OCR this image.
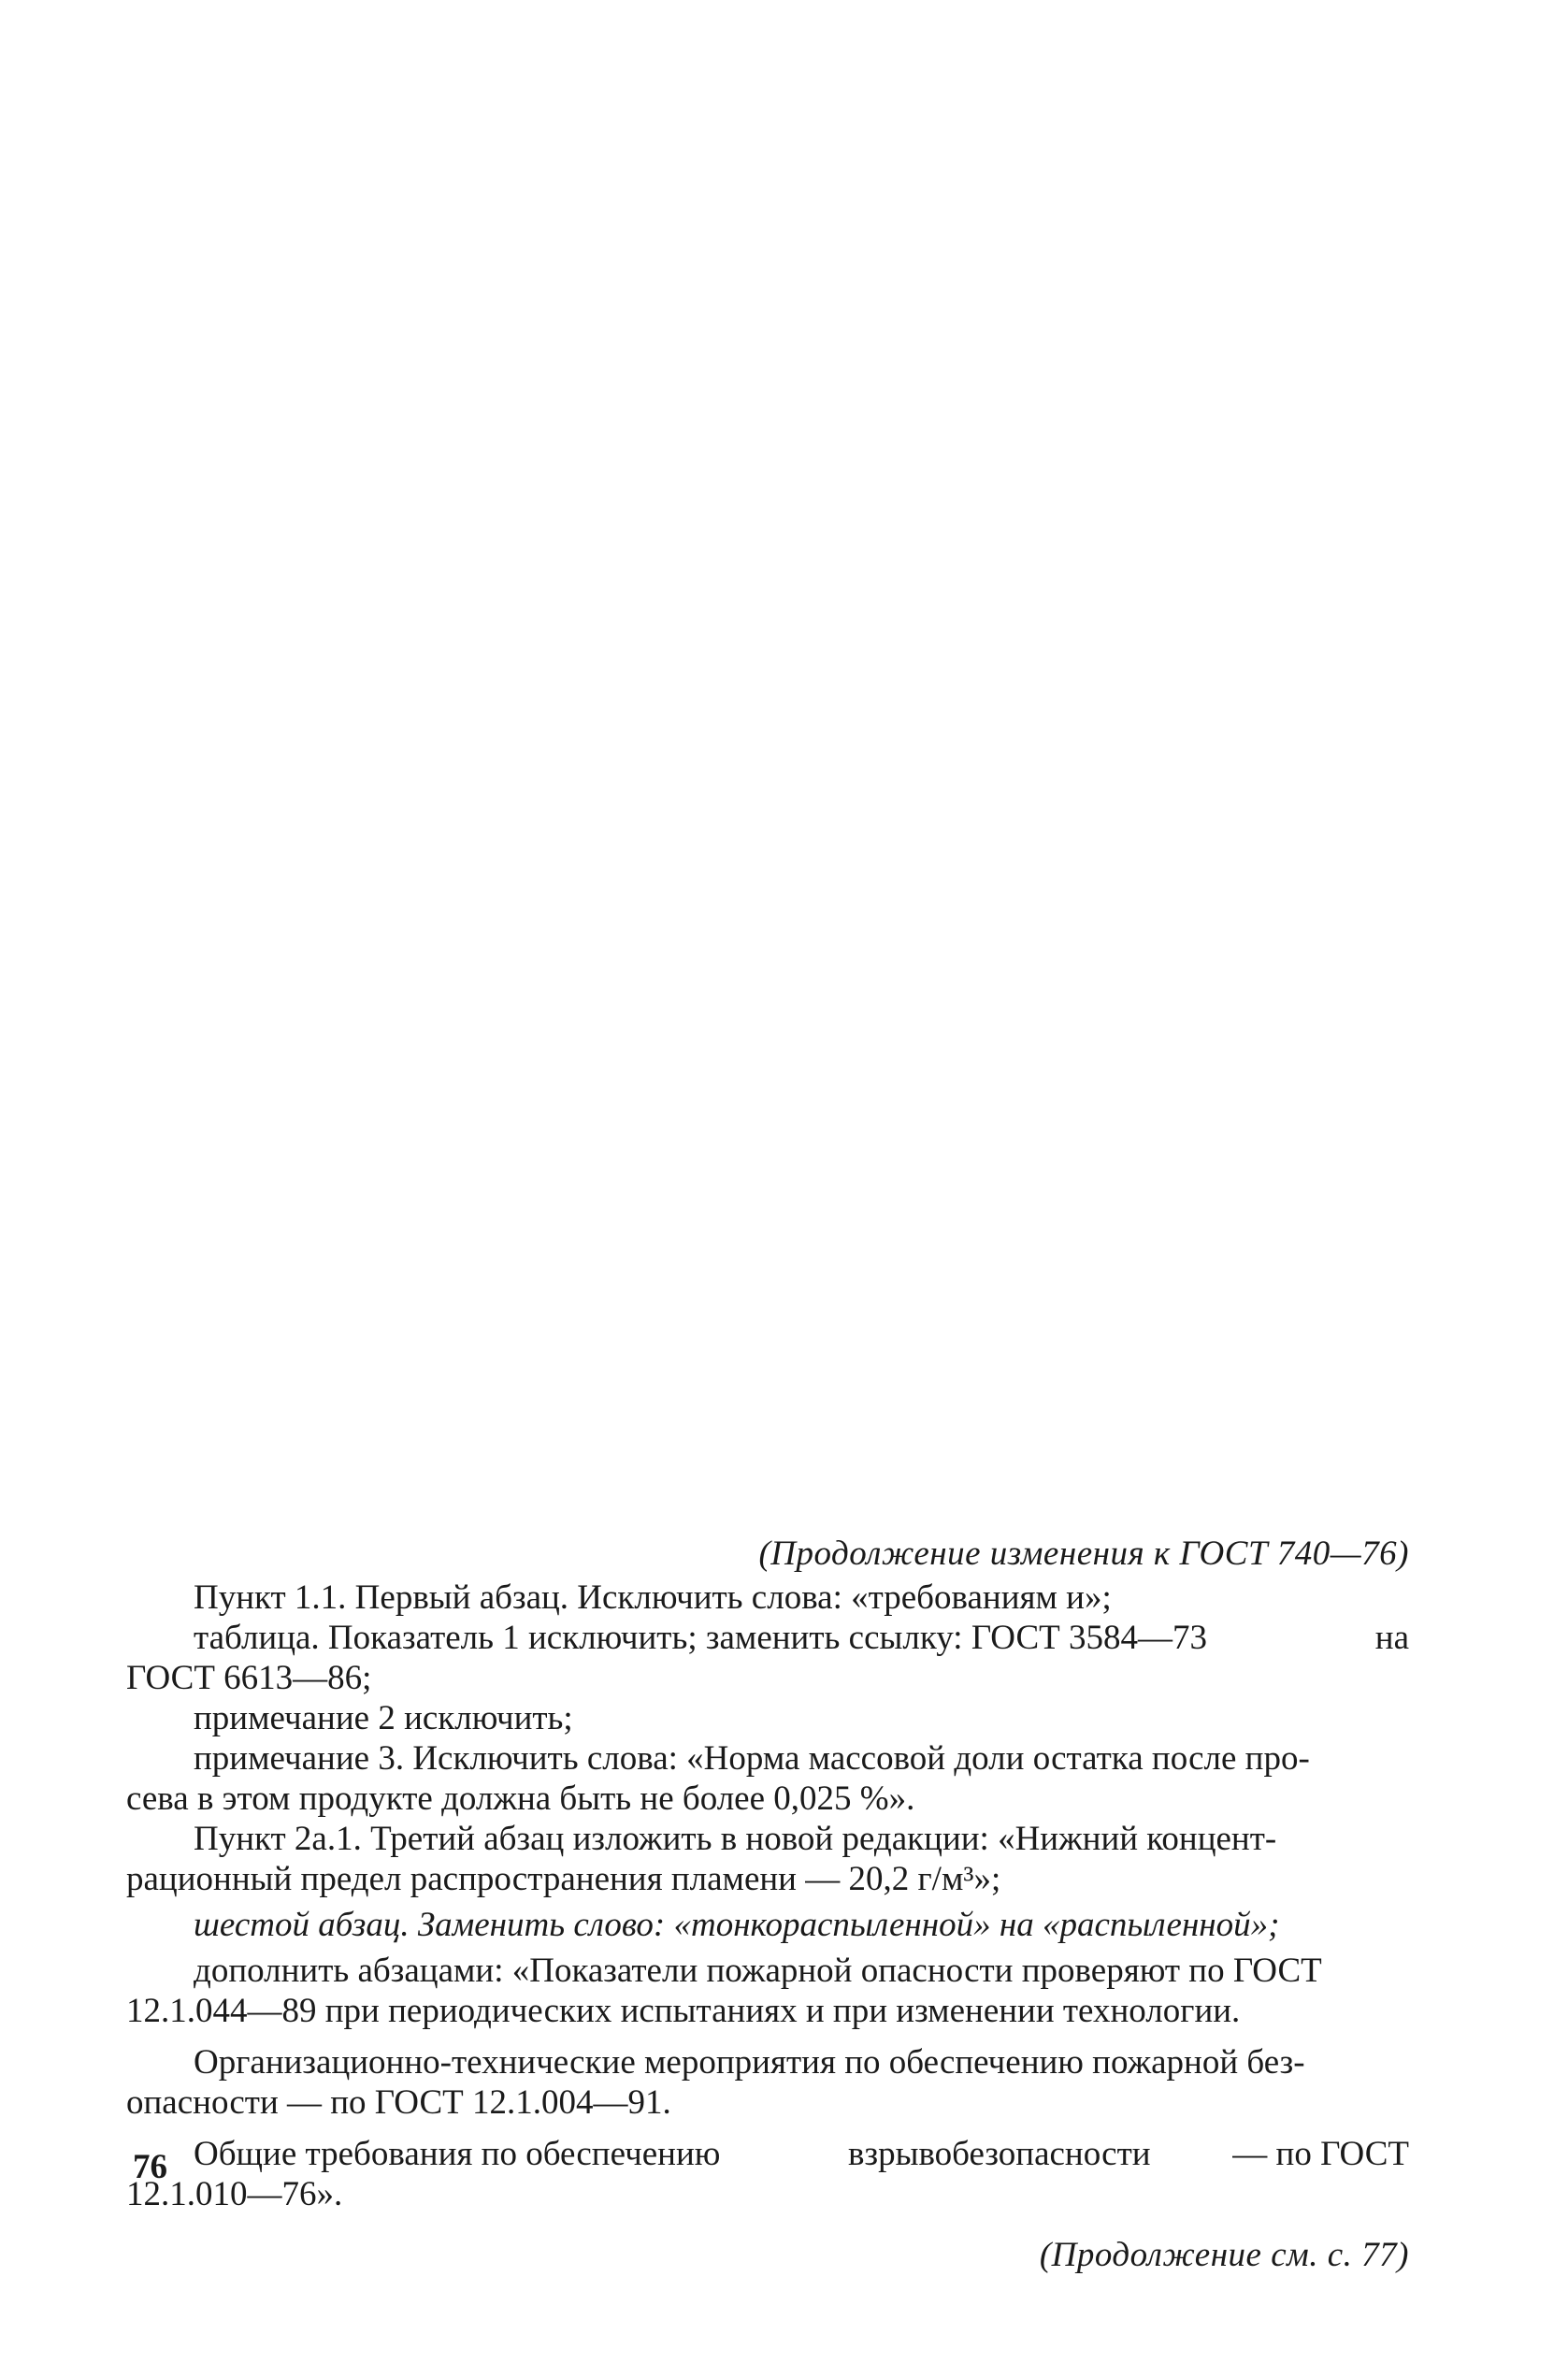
(Продолжение изменения к ГОСТ 740—76)
Пункт 1.1. Первый абзац. Исключить слова: «требованиям и»;
таблица. Показатель 1 исключить; заменить ссылку: ГОСТ 3584—73	на
ГОСТ 6613—86;
примечание 2 исключить;
примечание 3. Исключить слова: «Норма массовой доли остатка после про-
сева в этом продукте должна быть не более 0,025 %».
Пункт 2а.1. Третий абзац изложить в новой редакции: «Нижний концент-
рационный предел распространения пламени — 20,2 г/м³»;
шестой абзац. Заменить слово: «тонкораспыленной» на «распыленной»;
дополнить абзацами: «Показатели пожарной опасности проверяют по ГОСТ
12.1.044—89 при периодических испытаниях и при изменении технологии.
Организационно-технические мероприятия по обеспечению пожарной без-
опасности — по ГОСТ 12.1.004—91.
Общие требования по обеспечению	взрывобезопасности — по ГОСТ
12.1.010—76».
(Продолжение см. с. 77)
76
